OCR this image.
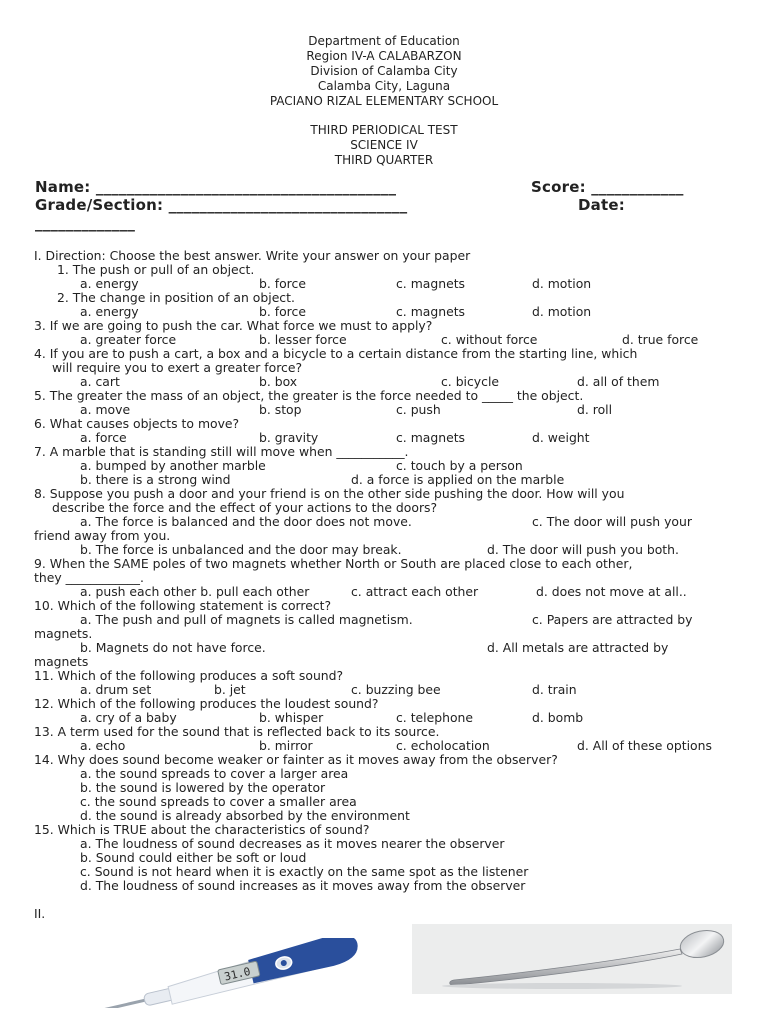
Department of Education
Region IV-A CALABARZON
Division of Calamba City
Calamba City, Laguna
PACIANO RIZAL ELEMENTARY SCHOOL
THIRD PERIODICAL TEST
SCIENCE IV
THIRD QUARTER
Name: _______________________________________	Score: ____________
Grade/Section: _______________________________	Date:
_____________
I. Direction: Choose the best answer. Write your answer on your paper
1. The push or pull of an object.
a. energy	b. force	c. magnets	d. motion
2. The change in position of an object.
a. energy	b. force	c. magnets	d. motion
3. If we are going to push the car. What force we must to apply?
a. greater force	b. lesser force	c. without force	d. true force
4. If you are to push a cart, a box and a bicycle to a certain distance from the starting line, which
will require you to exert a greater force?
a. cart	b. box	c. bicycle	d. all of them
5. The greater the mass of an object, the greater is the force needed to _____ the object.
a. move	b. stop	c. push	d. roll
6. What causes objects to move?
a. force	b. gravity	c. magnets	d. weight
7. A marble that is standing still will move when ___________.
a. bumped by another marble	c. touch by a person
b. there is a strong wind	d. a force is applied on the marble
8. Suppose you push a door and your friend is on the other side pushing the door. How will you
describe the force and the effect of your actions to the doors?
a. The force is balanced and the door does not move.	c. The door will push your
friend away from you.
b. The force is unbalanced and the door may break.	d. The door will push you both.
9. When the SAME poles of two magnets whether North or South are placed close to each other,
they ____________.
a. push each other b. pull each other	c. attract each other	d. does not move at all..
10. Which of the following statement is correct?
a. The push and pull of magnets is called magnetism.	c. Papers are attracted by
magnets.
b. Magnets do not have force.	d. All metals are attracted by
magnets
11. Which of the following produces a soft sound?
a. drum set	b. jet	c. buzzing bee	d. train
12. Which of the following produces the loudest sound?
a. cry of a baby	b. whisper	c. telephone	d. bomb
13. A term used for the sound that is reflected back to its source.
a. echo	b. mirror	c. echolocation	d. All of these options
14. Why does sound become weaker or fainter as it moves away from the observer?
a. the sound spreads to cover a larger area
b. the sound is lowered by the operator
c. the sound spreads to cover a smaller area
d. the sound is already absorbed by the environment
15. Which is TRUE about the characteristics of sound?
a. The loudness of sound decreases as it moves nearer the observer
b. Sound could either be soft or loud
c. Sound is not heard when it is exactly on the same spot as the listener
d. The loudness of sound increases as it moves away from the observer
II.
31.0
